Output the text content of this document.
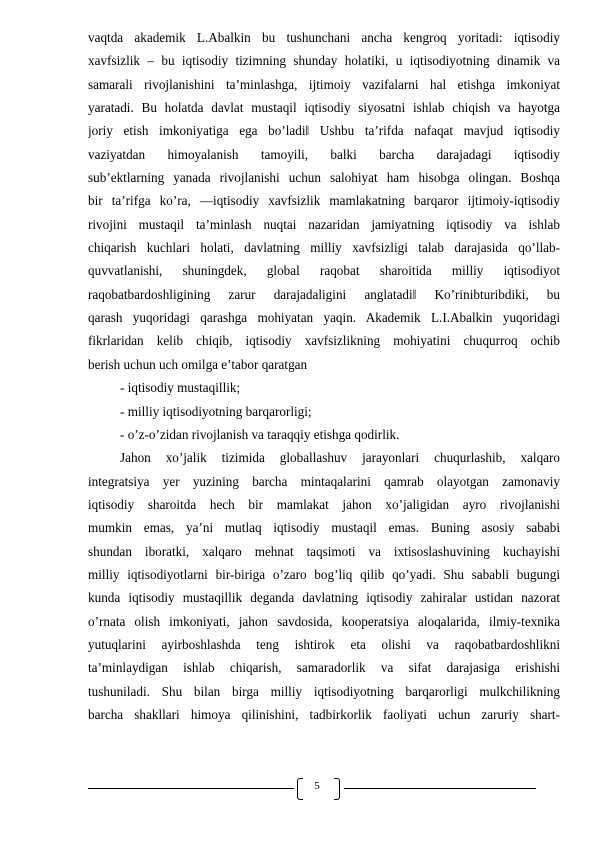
vaqtda akademik L.Abalkin bu tushunchani ancha kengroq yoritadi: iqtisodiy
xavfsizlik – bu iqtisodiy tizimning shunday holatiki, u iqtisodiyotning dinamik va
samarali rivojlanishini ta’minlashga, ijtimoiy vazifalarni hal etishga imkoniyat
yaratadi. Bu holatda davlat mustaqil iqtisodiy siyosatni ishlab chiqish va hayotga
joriy etish imkoniyatiga ega bo’ladi‖ Ushbu ta’rifda nafaqat mavjud iqtisodiy
vaziyatdan himoyalanish tamoyili, balki barcha darajadagi iqtisodiy
sub’ektlarning yanada rivojlanishi uchun salohiyat ham hisobga olingan. Boshqa
bir ta’rifga ko’ra, ―iqtisodiy xavfsizlik mamlakatning barqaror ijtimoiy-iqtisodiy
rivojini mustaqil ta’minlash nuqtai nazaridan jamiyatning iqtisodiy va ishlab
chiqarish kuchlari holati, davlatning milliy xavfsizligi talab darajasida qo’llab-
quvvatlanishi, shuningdek, global raqobat sharoitida milliy iqtisodiyot
raqobatbardoshligining zarur darajadaligini anglatadi‖ Ko’rinibturibdiki, bu
qarash yuqoridagi qarashga mohiyatan yaqin. Akademik L.I.Abalkin yuqoridagi
fikrlaridan kelib chiqib, iqtisodiy xavfsizlikning mohiyatini chuqurroq ochib
berish uchun uch omilga e’tabor qaratgan
- iqtisodiy mustaqillik;
- milliy iqtisodiyotning barqarorligi;
- o’z-o’zidan rivojlanish va taraqqiy etishga qodirlik.
Jahon xo’jalik tizimida globallashuv jarayonlari chuqurlashib, xalqaro
integratsiya yer yuzining barcha mintaqalarini qamrab olayotgan zamonaviy
iqtisodiy sharoitda hech bir mamlakat jahon xo’jaligidan ayro rivojlanishi
mumkin emas, ya’ni mutlaq iqtisodiy mustaqil emas. Buning asosiy sababi
shundan iboratki, xalqaro mehnat taqsimoti va ixtisoslashuvining kuchayishi
milliy iqtisodiyotlarni bir-biriga o’zaro bog’liq qilib qo’yadi. Shu sababli bugungi
kunda iqtisodiy mustaqillik deganda davlatning iqtisodiy zahiralar ustidan nazorat
o’rnata olish imkoniyati, jahon savdosida, kooperatsiya aloqalarida, ilmiy-texnika
yutuqlarini ayirboshlashda teng ishtirok eta olishi va raqobatbardoshlikni
ta’minlaydigan ishlab chiqarish, samaradorlik va sifat darajasiga erishishi
tushuniladi. Shu bilan birga milliy iqtisodiyotning barqarorligi mulkchilikning
barcha shakllari himoya qilinishini, tadbirkorlik faoliyati uchun zaruriy shart-
5
